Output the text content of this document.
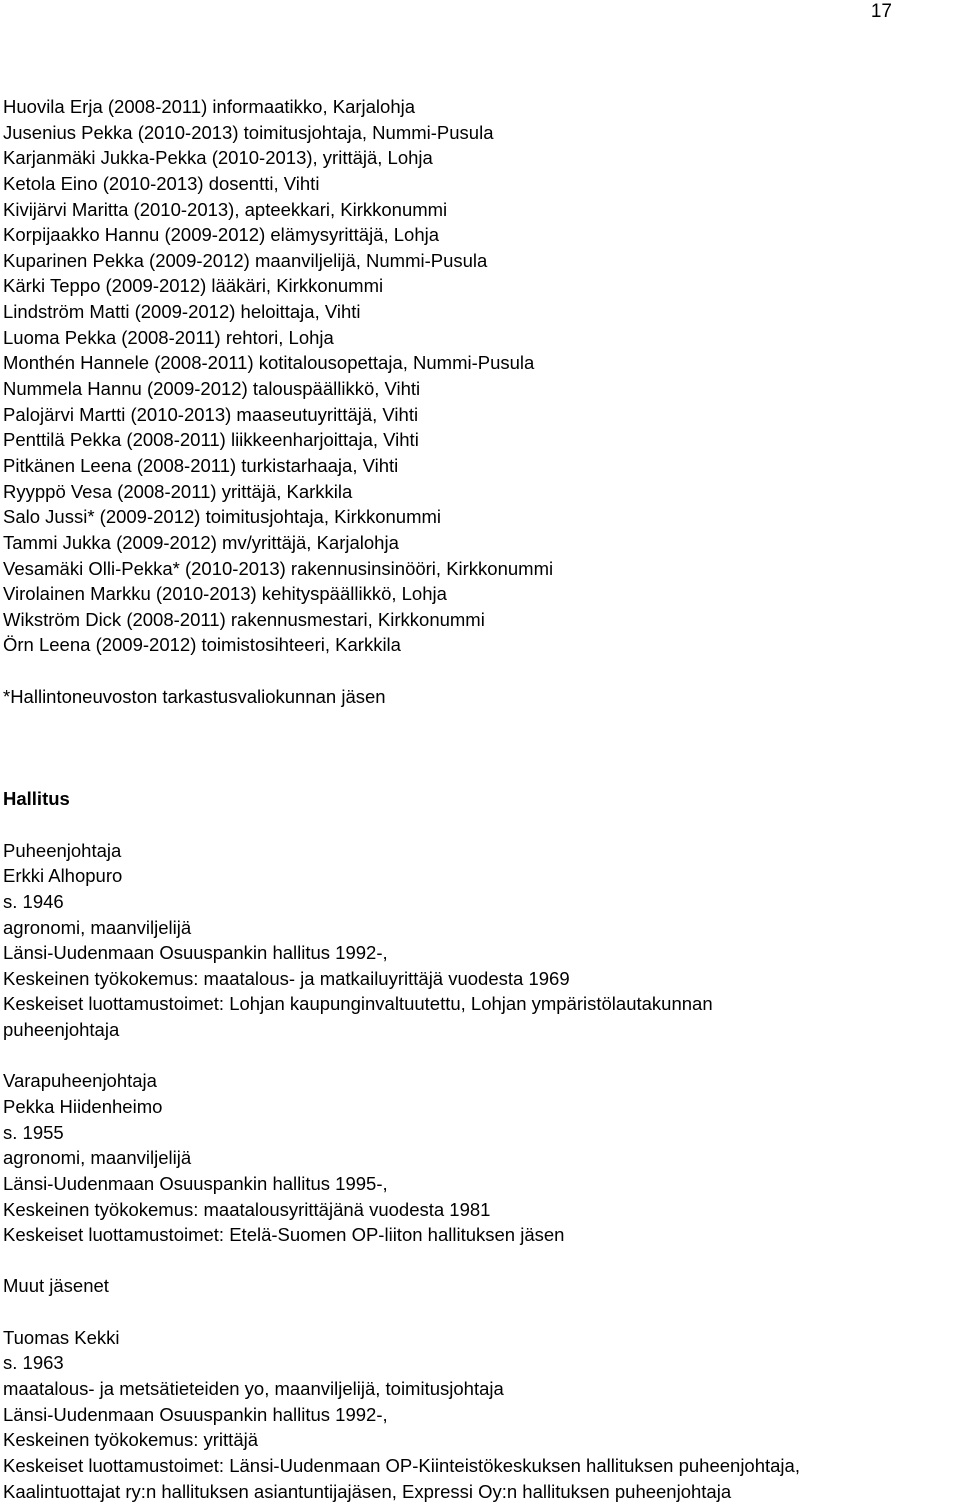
17
Huovila Erja (2008-2011) informaatikko, Karjalohja
Jusenius Pekka (2010-2013) toimitusjohtaja, Nummi-Pusula
Karjanmäki Jukka-Pekka (2010-2013), yrittäjä, Lohja
Ketola Eino (2010-2013) dosentti, Vihti
Kivijärvi Maritta (2010-2013), apteekkari, Kirkkonummi
Korpijaakko Hannu (2009-2012) elämysyrittäjä, Lohja
Kuparinen Pekka (2009-2012) maanviljelijä, Nummi-Pusula
Kärki Teppo (2009-2012) lääkäri, Kirkkonummi
Lindström Matti (2009-2012) heloittaja, Vihti
Luoma Pekka (2008-2011) rehtori, Lohja
Monthén Hannele (2008-2011) kotitalousopettaja, Nummi-Pusula
Nummela Hannu (2009-2012) talouspäällikkö, Vihti
Palojärvi Martti (2010-2013) maaseutuyrittäjä, Vihti
Penttilä Pekka (2008-2011) liikkeenharjoittaja, Vihti
Pitkänen Leena (2008-2011) turkistarhaaja, Vihti
Ryyppö Vesa (2008-2011) yrittäjä, Karkkila
Salo Jussi* (2009-2012) toimitusjohtaja, Kirkkonummi
Tammi Jukka (2009-2012) mv/yrittäjä, Karjalohja
Vesamäki Olli-Pekka* (2010-2013) rakennusinsinööri, Kirkkonummi
Virolainen Markku (2010-2013) kehityspäällikkö, Lohja
Wikström Dick (2008-2011) rakennusmestari, Kirkkonummi
Örn Leena (2009-2012) toimistosihteeri, Karkkila
*Hallintoneuvoston tarkastusvaliokunnan jäsen
Hallitus
Puheenjohtaja
Erkki Alhopuro
s. 1946
agronomi, maanviljelijä
Länsi-Uudenmaan Osuuspankin hallitus 1992-,
Keskeinen työkokemus: maatalous- ja matkailuyrittäjä vuodesta 1969
Keskeiset luottamustoimet: Lohjan kaupunginvaltuutettu, Lohjan ympäristölautakunnan
puheenjohtaja
Varapuheenjohtaja
Pekka Hiidenheimo
s. 1955
agronomi, maanviljelijä
Länsi-Uudenmaan Osuuspankin hallitus 1995-,
Keskeinen työkokemus: maatalousyrittäjänä vuodesta 1981
Keskeiset luottamustoimet: Etelä-Suomen OP-liiton hallituksen jäsen
Muut jäsenet
Tuomas Kekki
s. 1963
maatalous- ja metsätieteiden yo, maanviljelijä, toimitusjohtaja
Länsi-Uudenmaan Osuuspankin hallitus 1992-,
Keskeinen työkokemus: yrittäjä
Keskeiset luottamustoimet: Länsi-Uudenmaan OP-Kiinteistökeskuksen hallituksen puheenjohtaja,
Kaalintuottajat ry:n hallituksen asiantuntijajäsen, Expressi Oy:n hallituksen puheenjohtaja
